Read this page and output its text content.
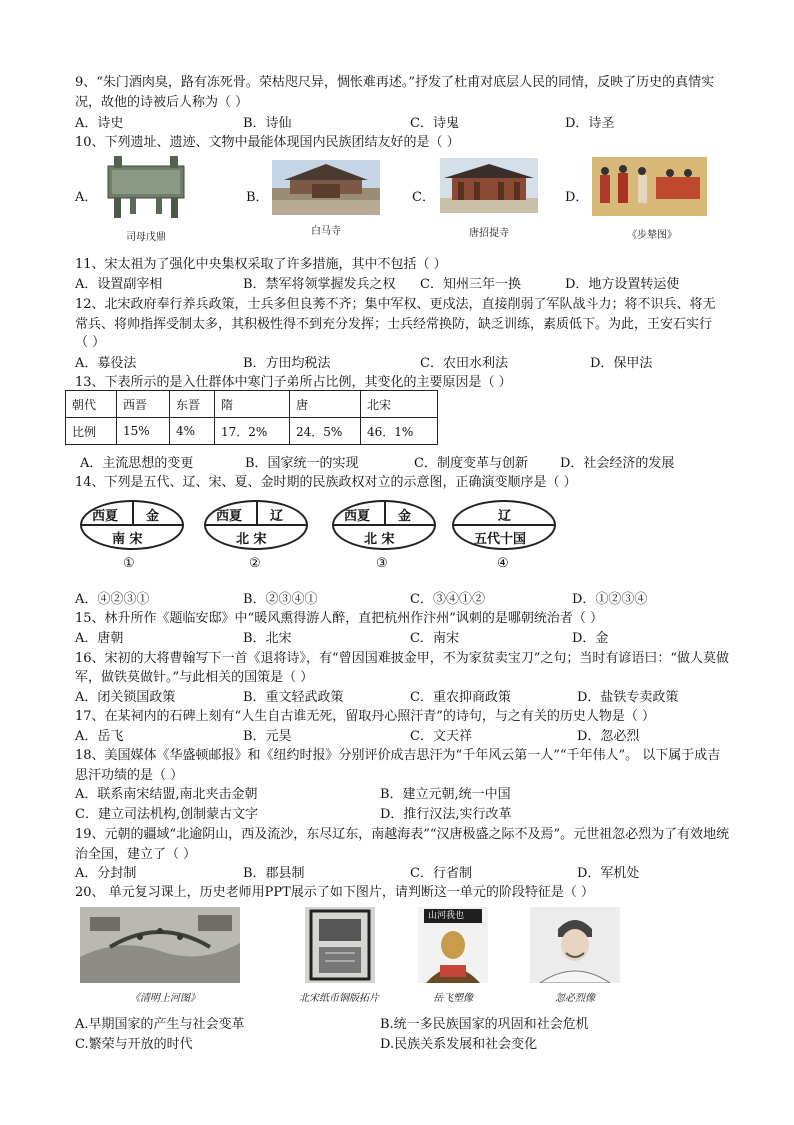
9、“朱门酒肉臭，路有冻死骨。荣枯咫尺异，惆怅难再述。”抒发了杜甫对底层人民的同情，反映了历史的真情实
况，故他的诗被后人称为（ ）
A．诗史	B．诗仙	C．诗鬼	D．诗圣
10、下列遗址、遗迹、文物中最能体现国内民族团结友好的是（ ）
A．	B．	C．	D．
司母戊鼎
白马寺	唐招提寺	《步辇图》
11、宋太祖为了强化中央集权采取了许多措施，其中不包括（ ）
A．设置副宰相	B．禁军将领掌握发兵之权 C．知州三年一换	D．地方设置转运使
12、北宋政府奉行养兵政策，士兵多但良莠不齐；集中军权、更戍法，直接削弱了军队战斗力；将不识兵、将无
常兵、将帅指挥受制太多，其积极性得不到充分发挥；士兵经常换防，缺乏训练，素质低下。为此，王安石实行
（ ）
A．募役法	B．方田均税法	C．农田水利法	D．保甲法
13、下表所示的是入仕群体中寒门子弟所占比例，其变化的主要原因是（ ）
朝代	西晋	东晋	隋	唐	北宋
比例	15%	4%	17．2%	24．5%	46．1%
A．主流思想的变更	B．国家统一的实现	C．制度变革与创新 D．社会经济的发展
14、下列是五代、辽、宋、夏、金时期的民族政权对立的示意图，正确演变顺序是（ ）
西夏 金
南 宋
①
西夏 辽
北 宋
②
西夏 金
北 宋
③
辽
五代十国
④
A．④②③①	B．②③④①	C．③④①②	D．①②③④
15、林升所作《题临安邸》中“暖风熏得游人醉，直把杭州作汴州”讽刺的是哪朝统治者（ ）
A．唐朝	B．北宋	C．南宋	D．金
16、宋初的大将曹翰写下一首《退将诗》，有“曾因国难披金甲，不为家贫卖宝刀”之句；当时有谚语曰：“做人莫做
军，做铁莫做针。”与此相关的国策是（ ）
A．闭关锁国政策	B．重文轻武政策	C．重农抑商政策	D．盐铁专卖政策
17、在某祠内的石碑上刻有“人生自古谁无死，留取丹心照汗青”的诗句，与之有关的历史人物是（ ）
A．岳飞	B．元昊	C．文天祥	D．忽必烈
18、美国媒体《华盛顿邮报》和《纽约时报》分别评价成吉思汗为“千年风云第一人”“千年伟人”。 以下属于成吉
思汗功绩的是（ ）
A．联系南宋结盟,南北夹击金朝	B．建立元朝,统一中国
C．建立司法机构,创制蒙古文字	D．推行汉法,实行改革
19、元朝的疆域“北逾阴山，西及流沙，东尽辽东，南越海表”“汉唐极盛之际不及焉”。元世祖忽必烈为了有效地统
治全国，建立了（ ）
A．分封制	B．郡县制	C．行省制	D．军机处
20、 单元复习课上，历史老师用PPT展示了如下图片，请判断这一单元的阶段特征是（ ）
《清明上河图》	北宋纸币铜版拓片
山河我也
岳飞塑像	忽必烈像
A.早期国家的产生与社会变革	B.统一多民族国家的巩固和社会危机
C.繁荣与开放的时代	D.民族关系发展和社会变化
